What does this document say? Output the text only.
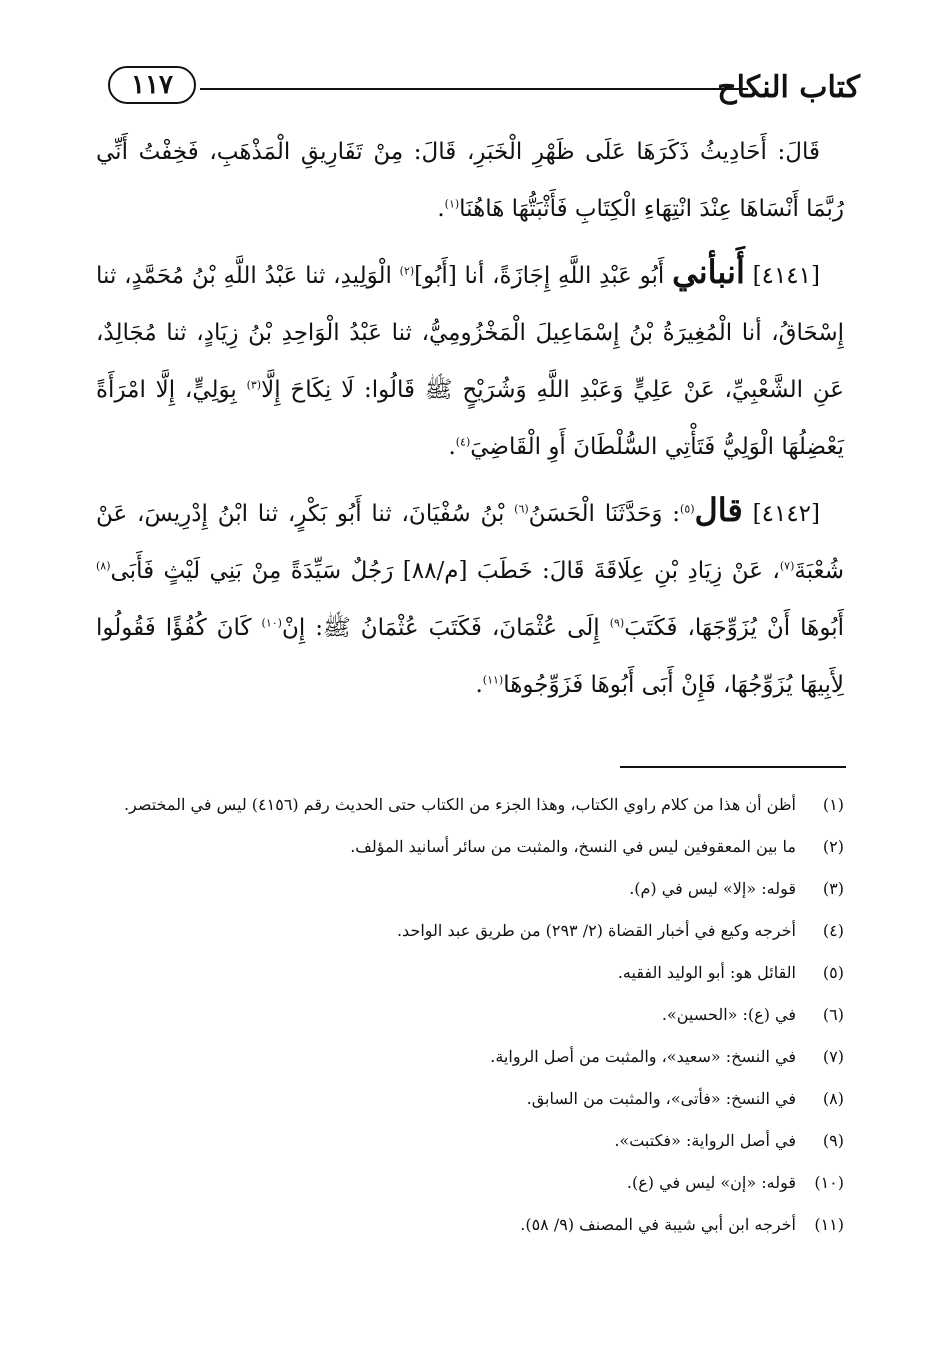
كتاب النكاح
١١٧

قَالَ: أَحَادِيثُ ذَكَرَهَا عَلَى ظَهْرِ الْخَبَرِ، قَالَ: مِنْ تَفَارِيقِ الْمَذْهَبِ، فَخِفْتُ أَنِّي رُبَّمَا أَنْسَاهَا عِنْدَ انْتِهَاءِ الْكِتَابِ فَأَثْبَتُّهَا هَاهُنَا$^{(١)}$.

[٤١٤١] أَنبأني أَبُو عَبْدِ اللَّهِ إِجَازَةً، أنا [أَبُو]$^{(٢)}$ الْوَلِيدِ، ثنا عَبْدُ اللَّهِ بْنُ مُحَمَّدٍ، ثنا إِسْحَاقُ، أنا الْمُغِيرَةُ بْنُ إِسْمَاعِيلَ الْمَخْزُومِيُّ، ثنا عَبْدُ الْوَاحِدِ بْنُ زِيَادٍ، ثنا مُجَالِدٌ، عَنِ الشَّعْبِيِّ، عَنْ عَلِيٍّ وَعَبْدِ اللَّهِ وَشُرَيْحٍ ﷺ قَالُوا: لَا نِكَاحَ إِلَّا$^{(٣)}$ بِوَلِيٍّ، إِلَّا امْرَأَةً يَعْضِلُهَا الْوَلِيُّ فَتَأْتِي السُّلْطَانَ أَوِ الْقَاضِيَ$^{(٤)}$.

[٤١٤٢] قال$^{(٥)}$: وَحَدَّثَنَا الْحَسَنُ$^{(٦)}$ بْنُ سُفْيَانَ، ثنا أَبُو بَكْرٍ، ثنا ابْنُ إِدْرِيسَ، عَنْ شُعْبَةَ$^{(٧)}$، عَنْ زِيَادِ بْنِ عِلَاقَةَ قَالَ: خَطَبَ [م/٨٨] رَجُلٌ سَيِّدَةً مِنْ بَنِي لَيْثٍ فَأَبَى$^{(٨)}$ أَبُوهَا أَنْ يُزَوِّجَهَا، فَكَتَبَ$^{(٩)}$ إِلَى عُثْمَانَ، فَكَتَبَ عُثْمَانُ ﷺ: إِنْ$^{(١٠)}$ كَانَ كُفُؤًا فَقُولُوا لِأَبِيهَا يُزَوِّجُهَا، فَإِنْ أَبَى أَبُوهَا فَزَوِّجُوهَا$^{(١١)}$.

(١)
أظن أن هذا من كلام راوي الكتاب، وهذا الجزء من الكتاب حتى الحديث رقم (٤١٥٦) ليس في المختصر.
(٢)
ما بين المعقوفين ليس في النسخ، والمثبت من سائر أسانيد المؤلف.
(٣)
قوله: «إلا» ليس في (م).
(٤)
أخرجه وكيع في أخبار القضاة (٢/ ٢٩٣) من طريق عبد الواحد.
(٥)
القائل هو: أبو الوليد الفقيه.
(٦)
في (ع): «الحسين».
(٧)
في النسخ: «سعيد»، والمثبت من أصل الرواية.
(٨)
في النسخ: «فأتى»، والمثبت من السابق.
(٩)
في أصل الرواية: «فكتبت».
(١٠)
قوله: «إن» ليس في (ع).
(١١)
أخرجه ابن أبي شيبة في المصنف (٩/ ٥٨).
